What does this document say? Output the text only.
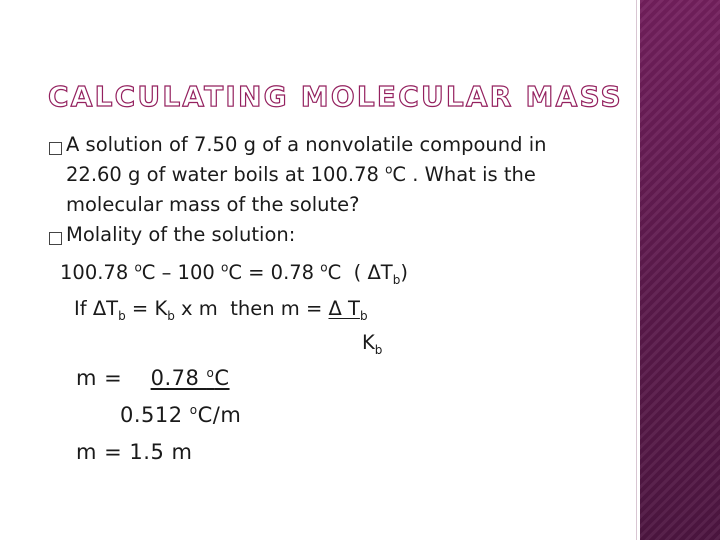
CALCULATING MOLECULAR MASS

A solution of 7.50 g of a nonvolatile compound in

22.60 g of water boils at 100.78 $^o$C . What is the

molecular mass of the solute?

Molality of the solution:

100.78 $^o$C – 100 $^o$C = 0.78 $^o$C  ( $\Delta T_b$)

If $\Delta T_b = K_b$ x m  then m = Δ $T_b$

$K_b$

m =  0.78 $^o$C

0.512 $^o$C/m

m = 1.5 m
